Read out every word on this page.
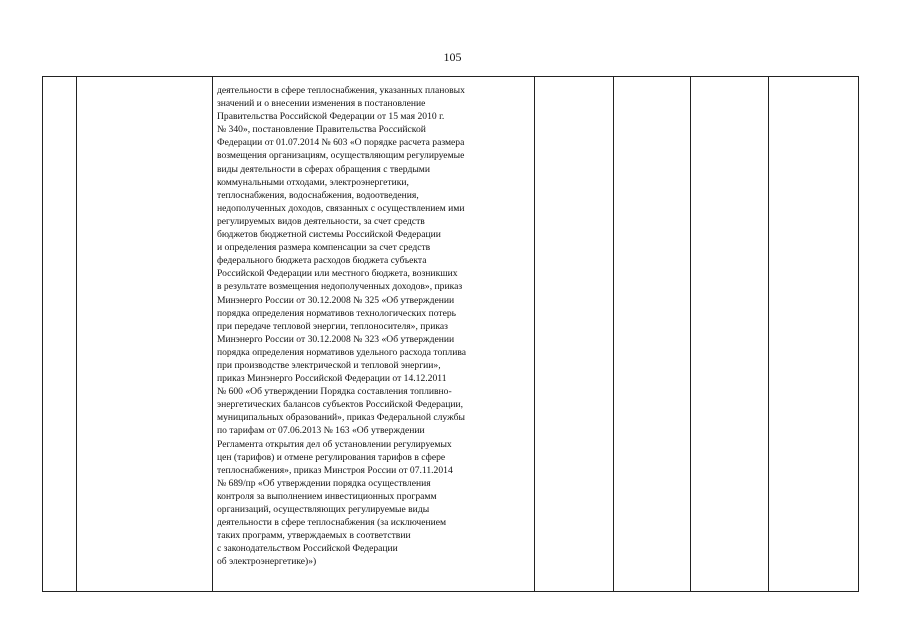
105

деятельности в сфере теплоснабжения, указанных плановых
значений и о внесении изменения в постановление
Правительства Российской Федерации от 15 мая 2010 г.
№ 340», постановление Правительства Российской
Федерации от 01.07.2014 № 603 «О порядке расчета размера
возмещения организациям, осуществляющим регулируемые
виды деятельности в сферах обращения с твердыми
коммунальными отходами, электроэнергетики,
теплоснабжения, водоснабжения, водоотведения,
недополученных доходов, связанных с осуществлением ими
регулируемых видов деятельности, за счет средств
бюджетов бюджетной системы Российской Федерации
и определения размера компенсации за счет средств
федерального бюджета расходов бюджета субъекта
Российской Федерации или местного бюджета, возникших
в результате возмещения недополученных доходов», приказ
Минэнерго России от 30.12.2008 № 325 «Об утверждении
порядка определения нормативов технологических потерь
при передаче тепловой энергии, теплоносителя», приказ
Минэнерго России от 30.12.2008 № 323 «Об утверждении
порядка определения нормативов удельного расхода топлива
при производстве электрической и тепловой энергии»,
приказ Минэнерго Российской Федерации от 14.12.2011
№ 600 «Об утверждении Порядка составления топливно-
энергетических балансов субъектов Российской Федерации,
муниципальных образований», приказ Федеральной службы
по тарифам от 07.06.2013 № 163 «Об утверждении
Регламента открытия дел об установлении регулируемых
цен (тарифов) и отмене регулирования тарифов в сфере
теплоснабжения», приказ Минстроя России от 07.11.2014
№ 689/пр «Об утверждении порядка осуществления
контроля за выполнением инвестиционных программ
организаций, осуществляющих регулируемые виды
деятельности в сфере теплоснабжения (за исключением
таких программ, утверждаемых в соответствии
с законодательством Российской Федерации
об электроэнергетике)»)
